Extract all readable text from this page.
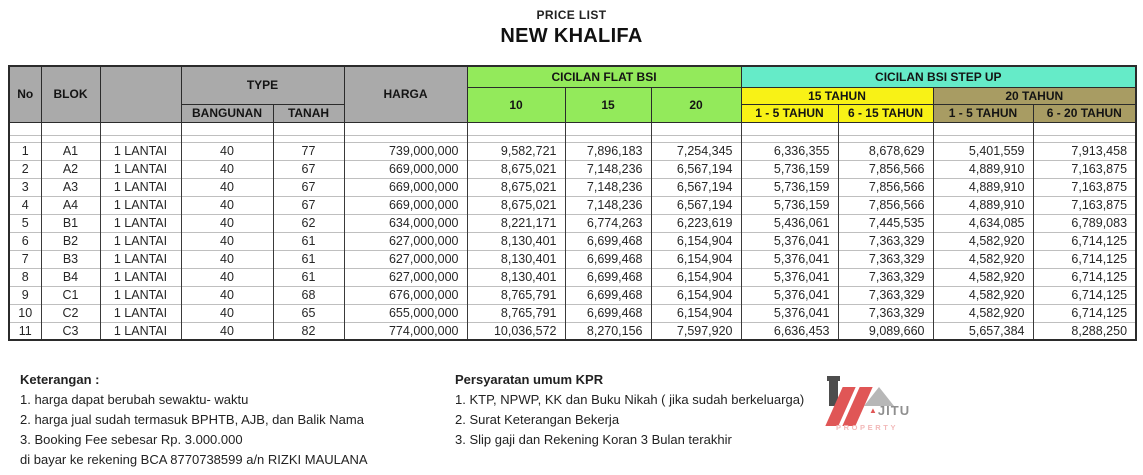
PRICE LIST
NEW KHALIFA
No	BLOK		TYPE		HARGA	CICILAN FLAT BSI			CICILAN BSI STEP UP			
						10	15	20	15 TAHUN		20 TAHUN	
			BANGUNAN	TANAH					1 - 5 TAHUN	6 - 15 TAHUN	1 - 5 TAHUN	6 - 20 TAHUN

1	A1	1 LANTAI	40	77	739,000,000	9,582,721	7,896,183	7,254,345	6,336,355	8,678,629	5,401,559	7,913,458
2	A2	1 LANTAI	40	67	669,000,000	8,675,021	7,148,236	6,567,194	5,736,159	7,856,566	4,889,910	7,163,875
3	A3	1 LANTAI	40	67	669,000,000	8,675,021	7,148,236	6,567,194	5,736,159	7,856,566	4,889,910	7,163,875
4	A4	1 LANTAI	40	67	669,000,000	8,675,021	7,148,236	6,567,194	5,736,159	7,856,566	4,889,910	7,163,875
5	B1	1 LANTAI	40	62	634,000,000	8,221,171	6,774,263	6,223,619	5,436,061	7,445,535	4,634,085	6,789,083
6	B2	1 LANTAI	40	61	627,000,000	8,130,401	6,699,468	6,154,904	5,376,041	7,363,329	4,582,920	6,714,125
7	B3	1 LANTAI	40	61	627,000,000	8,130,401	6,699,468	6,154,904	5,376,041	7,363,329	4,582,920	6,714,125
8	B4	1 LANTAI	40	61	627,000,000	8,130,401	6,699,468	6,154,904	5,376,041	7,363,329	4,582,920	6,714,125
9	C1	1 LANTAI	40	68	676,000,000	8,765,791	6,699,468	6,154,904	5,376,041	7,363,329	4,582,920	6,714,125
10	C2	1 LANTAI	40	65	655,000,000	8,765,791	6,699,468	6,154,904	5,376,041	7,363,329	4,582,920	6,714,125
11	C3	1 LANTAI	40	82	774,000,000	10,036,572	8,270,156	7,597,920	6,636,453	9,089,660	5,657,384	8,288,250
Keterangan :
1. harga dapat berubah sewaktu- waktu
2. harga jual sudah termasuk BPHTB, AJB, dan Balik Nama
3. Booking Fee sebesar Rp. 3.000.000
di bayar ke rekening BCA 8770738599 a/n RIZKI MAULANA
Persyaratan umum KPR
1. KTP, NPWP, KK dan Buku Nikah ( jika sudah berkeluarga)
2. Surat Keterangan Bekerja
3. Slip gaji dan Rekening Koran 3 Bulan terakhir
▲JITU
PROPERTY
